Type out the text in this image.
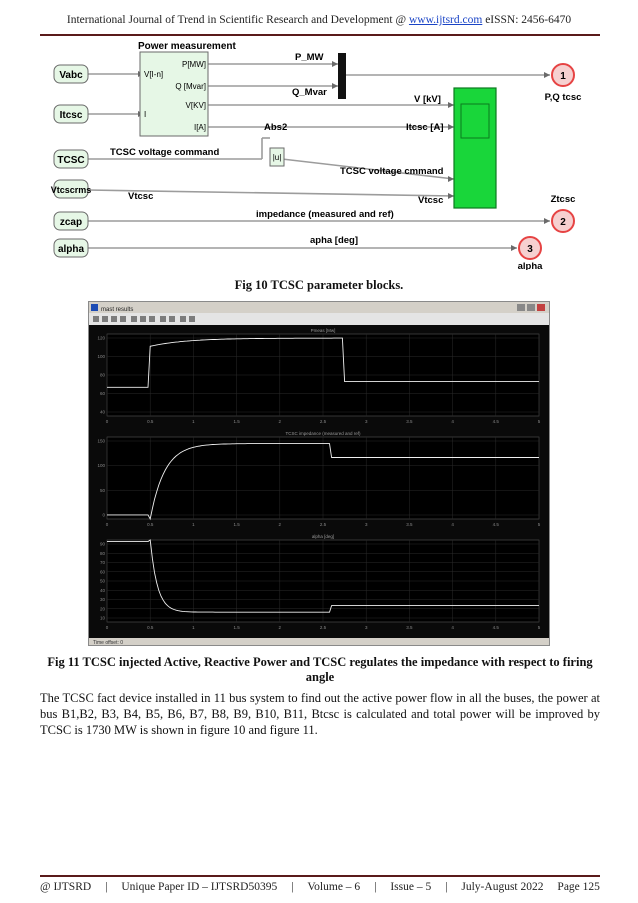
International Journal of Trend in Scientific Research and Development @ www.ijtsrd.com eISSN: 2456-6470
Vabc
Itcsc
TCSC
Vtcscrms
zcap
alpha
Power measurement
V[I-n]
I
P[MW]
Q [Mvar]
V[KV]
I[A]
P_MW
Q_Mvar
Abs2
|u|
TCSC voltage command
TCSC voltage cmmand
Vtcsc	Vtcsc
V [kV]
Itcsc [A]
impedance (measured and ref)
apha [deg]
1
P,Q tcsc
Ztcsc
2
3
alpha
Fig 10 TCSC parameter blocks.
mast results
Pmeas [Mw]
0	0.5	1	1.5	2	2.5	3	3.5	4	4.5	5
120
100
80
60
40
TCSC impedance (measured and ref)
0	0.5	1	1.5	2	2.5	3	3.5	4	4.5	5
150
100
50
0
alpha [deg]
0	0.5	1	1.5	2	2.5	3	3.5	4	4.5	5
90
80
70
60
50
40
30
20
10
Time offset: 0
Fig 11 TCSC injected Active, Reactive Power and TCSC regulates the impedance with respect to firing angle
The TCSC fact device installed in 11 bus system to find out the active power flow in all the buses, the power at bus B1,B2, B3, B4, B5, B6, B7, B8, B9, B10, B11, Btcsc is calculated and total power will be improved by TCSC is 1730 MW is shown in figure 10 and figure 11.
@ IJTSRD | Unique Paper ID – IJTSRD50395 | Volume – 6 | Issue – 5 | July-August 2022 Page 125
